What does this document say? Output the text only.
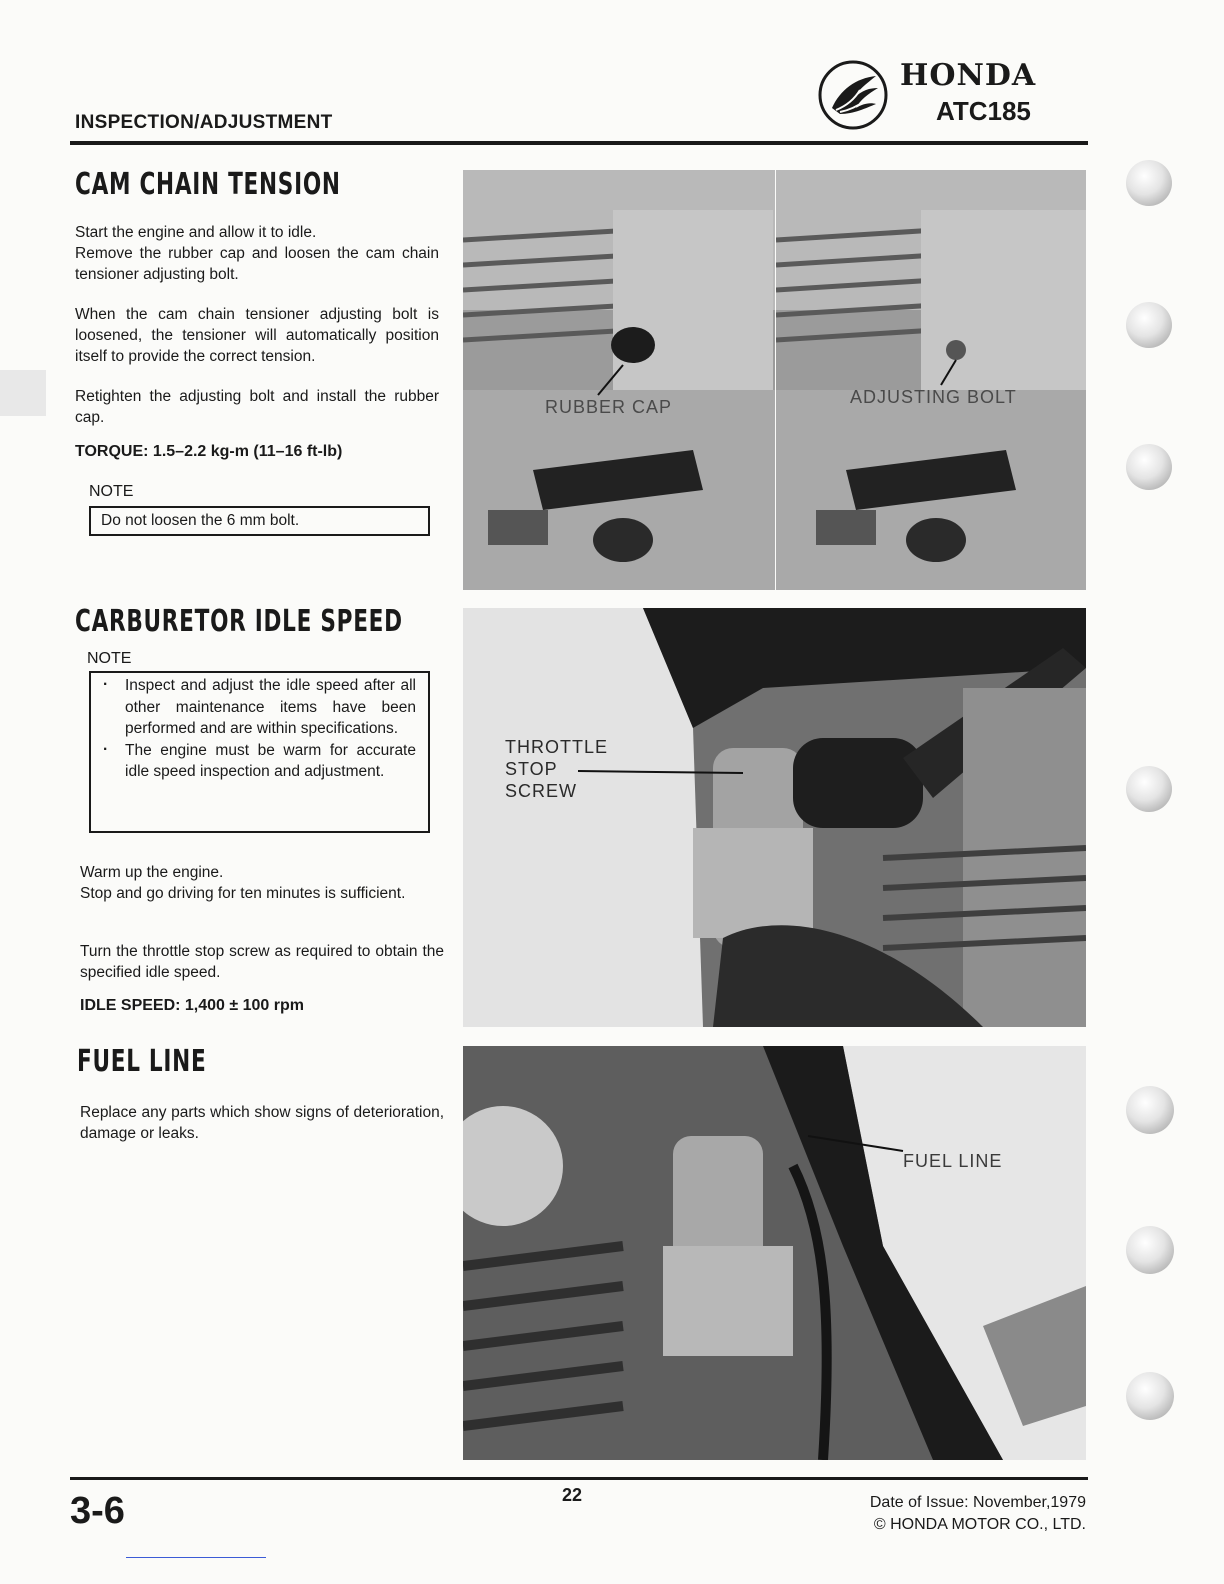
INSPECTION/ADJUSTMENT
HONDA
ATC185
CAM CHAIN TENSION
Start the engine and allow it to idle.
Remove the rubber cap and loosen the cam chain tensioner adjusting bolt.
When the cam chain tensioner adjusting bolt is loosened, the tensioner will automatically position itself to provide the correct tension.
Retighten the adjusting bolt and install the rubber cap.
TORQUE: 1.5–2.2 kg-m (11–16 ft-lb)
NOTE
Do not loosen the 6 mm bolt.
CARBURETOR IDLE SPEED
NOTE
· Inspect and adjust the idle speed after all other maintenance items have been performed and are within specifications.
· The engine must be warm for accurate idle speed inspection and adjustment.
Warm up the engine.
Stop and go driving for ten minutes is sufficient.
Turn the throttle stop screw as required to obtain the specified idle speed.
IDLE SPEED: 1,400 ± 100 rpm
FUEL LINE
Replace any parts which show signs of deterioration, damage or leaks.
RUBBER CAP	ADJUSTING BOLT
THROTTLE
STOP
SCREW
FUEL LINE
3-6	22	Date of Issue: November,1979
© HONDA MOTOR CO., LTD.
